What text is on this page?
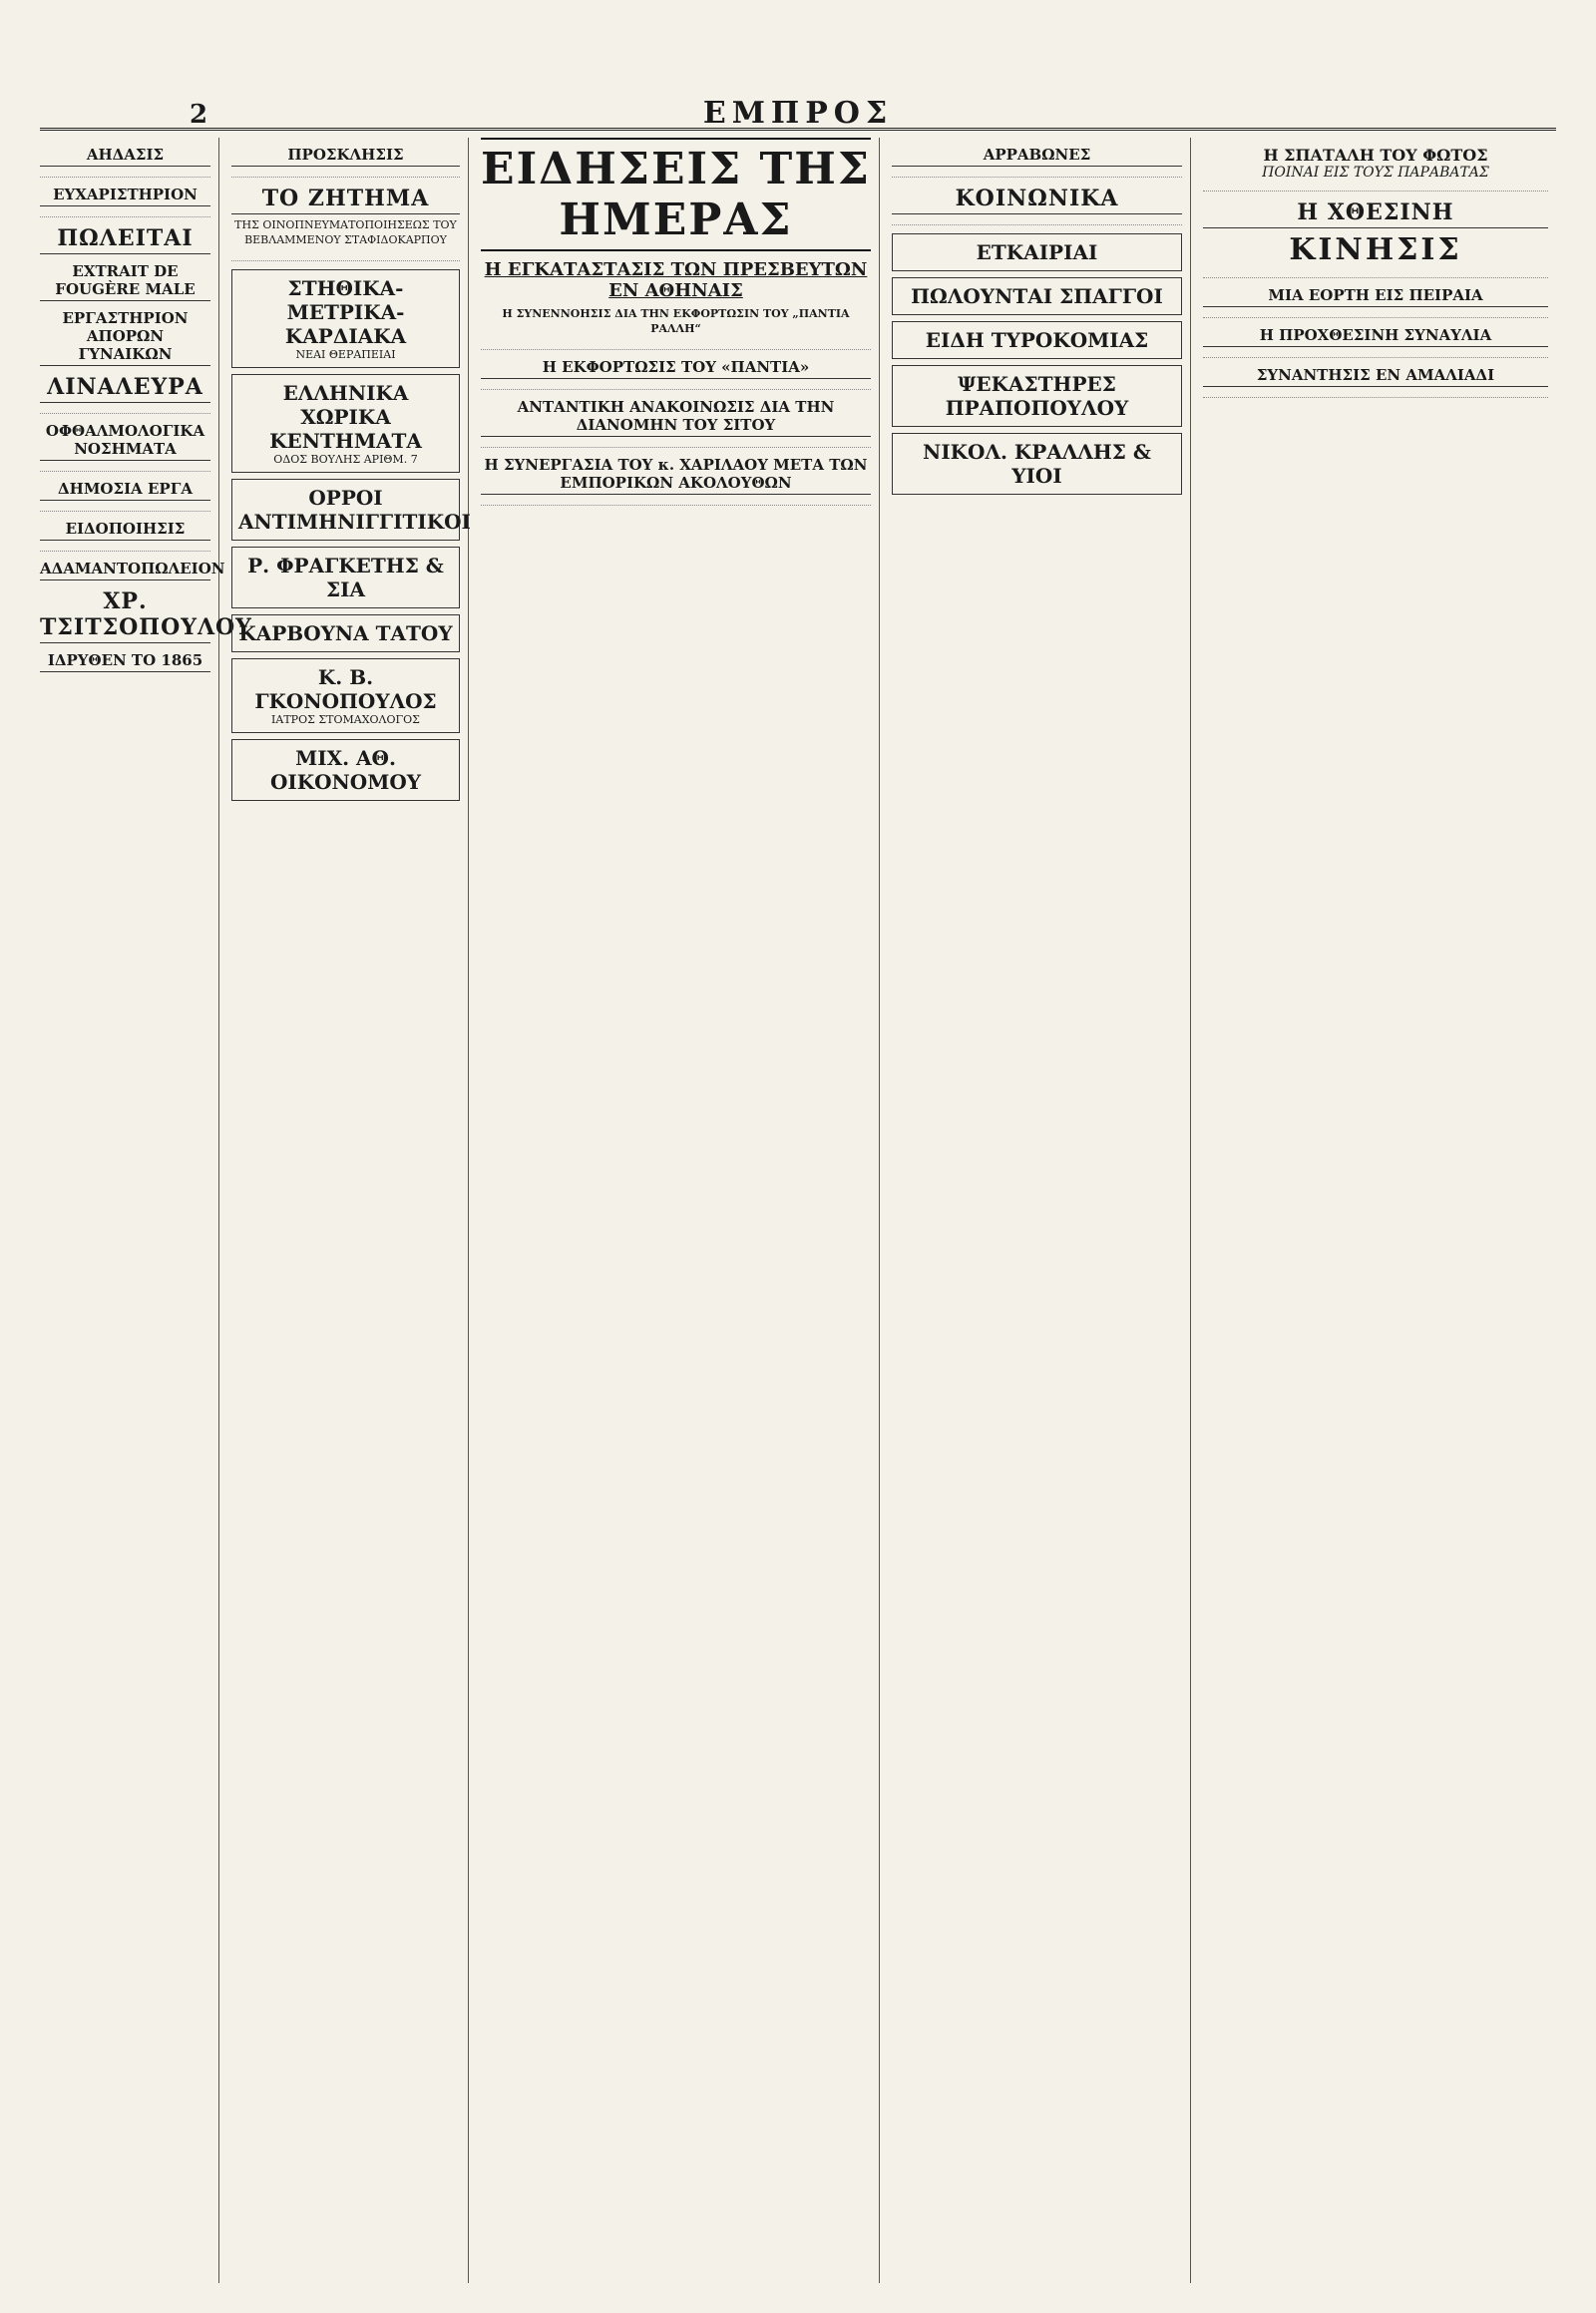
2	ΕΜΠΡΟΣ
ΑΗΔΑΣΙΣ
ΕΥΧΑΡΙΣΤΗΡΙΟΝ
ΠΩΛΕΙΤΑΙ
EXTRAIT DE FOUGÈRE MALE
ΕΡΓΑΣΤΗΡΙΟΝ ΑΠΟΡΩΝ ΓΥΝΑΙΚΩΝ
ΛΙΝΑΛΕΥΡΑ
ΟΦΘΑΛΜΟΛΟΓΙΚΑ ΝΟΣΗΜΑΤΑ
ΔΗΜΟΣΙΑ ΕΡΓΑ
ΕΙΔΟΠΟΙΗΣΙΣ
ΑΔΑΜΑΝΤΟΠΩΛΕΙΟΝ
ΧΡ. ΤΣΙΤΣΟΠΟΥΛΟΥ
ΙΔΡΥΘΕΝ ΤΟ 1865
ΠΡΟΣΚΛΗΣΙΣ
ΤΟ ΖΗΤΗΜΑ
ΤΗΣ ΟΙΝΟΠΝΕΥΜΑΤΟΠΟΙΗΣΕΩΣ ΤΟΥ ΒΕΒΛΑΜΜΕΝΟΥ ΣΤΑΦΙΔΟΚΑΡΠΟΥ
ΣΤΗΘΙΚΑ-ΜΕΤΡΙΚΑ-ΚΑΡΔΙΑΚΑ
ΝΕΑΙ ΘΕΡΑΠΕΙΑΙ
ΕΛΛΗΝΙΚΑ ΧΩΡΙΚΑ ΚΕΝΤΗΜΑΤΑ
ΟΔΟΣ ΒΟΥΛΗΣ ΑΡΙΘΜ. 7
ΟΡΡΟΙ ΑΝΤΙΜΗΝΙΓΓΙΤΙΚΟΙ
Ρ. ΦΡΑΓΚΕΤΗΣ & ΣΙΑ
ΚΑΡΒΟΥΝΑ ΤΑΤΟΥ
Κ. Β. ΓΚΟΝΟΠΟΥΛΟΣ
ΙΑΤΡΟΣ ΣΤΟΜΑΧΟΛΟΓΟΣ
ΜΙΧ. ΑΘ. ΟΙΚΟΝΟΜΟΥ
ΕΙΔΗΣΕΙΣ ΤΗΣ ΗΜΕΡΑΣ
Η ΕΓΚΑΤΑΣΤΑΣΙΣ ΤΩΝ ΠΡΕΣΒΕΥΤΩΝ ΕΝ ΑΘΗΝΑΙΣ
Η ΣΥΝΕΝΝΟΗΣΙΣ ΔΙΑ ΤΗΝ ΕΚΦΟΡΤΩΣΙΝ ΤΟΥ „ΠΑΝΤΙΑ ΡΑΛΛΗ“
Η ΕΚΦΟΡΤΩΣΙΣ ΤΟΥ «ΠΑΝΤΙΑ»
ΑΝΤΑΝΤΙΚΗ ΑΝΑΚΟΙΝΩΣΙΣ ΔΙΑ ΤΗΝ ΔΙΑΝΟΜΗΝ ΤΟΥ ΣΙΤΟΥ
Η ΣΥΝΕΡΓΑΣΙΑ ΤΟΥ κ. ΧΑΡΙΛΑΟΥ ΜΕΤΑ ΤΩΝ ΕΜΠΟΡΙΚΩΝ ΑΚΟΛΟΥΘΩΝ
ΑΡΡΑΒΩΝΕΣ
ΚΟΙΝΩΝΙΚΑ
ΕΤΚΑΙΡΙΑΙ
ΠΩΛΟΥΝΤΑΙ ΣΠΑΓΓΟΙ
ΕΙΔΗ ΤΥΡΟΚΟΜΙΑΣ
ΨΕΚΑΣΤΗΡΕΣ ΠΡΑΠΟΠΟΥΛΟΥ
ΝΙΚΟΛ. ΚΡΑΛΛΗΣ & ΥΙΟΙ
Η ΣΠΑΤΑΛΗ ΤΟΥ ΦΩΤΟΣ
ΠΟΙΝΑΙ ΕΙΣ ΤΟΥΣ ΠΑΡΑΒΑΤΑΣ
Η ΧΘΕΣΙΝΗ
ΚΙΝΗΣΙΣ
ΜΙΑ ΕΟΡΤΗ ΕΙΣ ΠΕΙΡΑΙΑ
Η ΠΡΟΧΘΕΣΙΝΗ ΣΥΝΑΥΛΙΑ
ΣΥΝΑΝΤΗΣΙΣ ΕΝ ΑΜΑΛΙΑΔΙ
